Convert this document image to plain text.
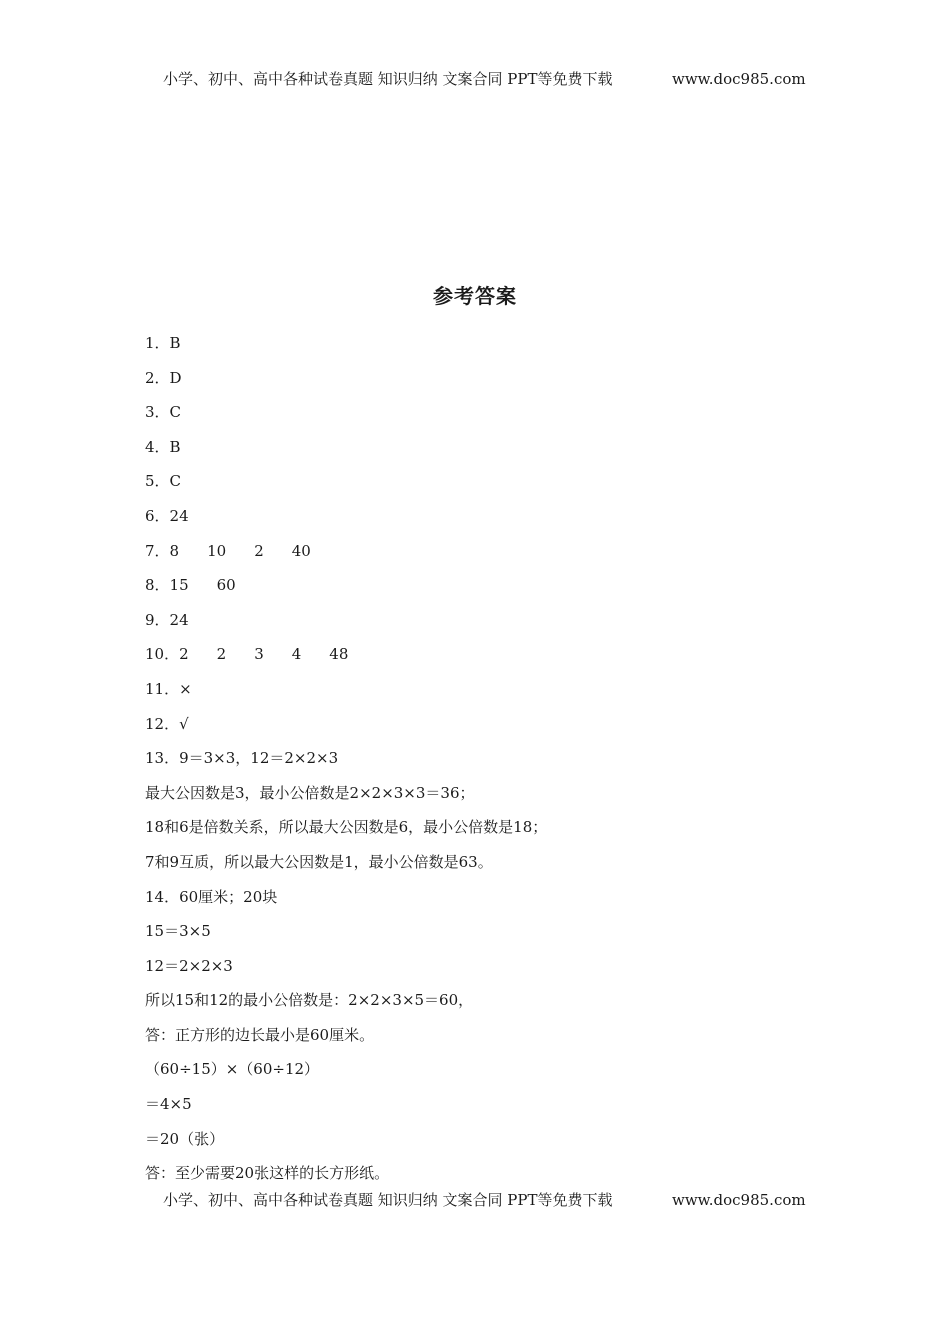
小学、初中、高中各种试卷真题 知识归纳 文案合同 PPT等免费下载	www.doc985.com
参考答案
1．B
2．D
3．C
4．B
5．C
6．24
7．8 10 2 40
8．15 60
9．24
10．2 2 3 4 48
11．×
12．√
13．9＝3×3，12＝2×2×3
最大公因数是3，最小公倍数是2×2×3×3＝36；
18和6是倍数关系，所以最大公因数是6，最小公倍数是18；
7和9互质，所以最大公因数是1，最小公倍数是63。
14．60厘米；20块
15＝3×5
12＝2×2×3
所以15和12的最小公倍数是：2×2×3×5＝60，
答：正方形的边长最小是60厘米。
（60÷15）×（60÷12）
＝4×5
＝20（张）
答：至少需要20张这样的长方形纸。
小学、初中、高中各种试卷真题 知识归纳 文案合同 PPT等免费下载	www.doc985.com
